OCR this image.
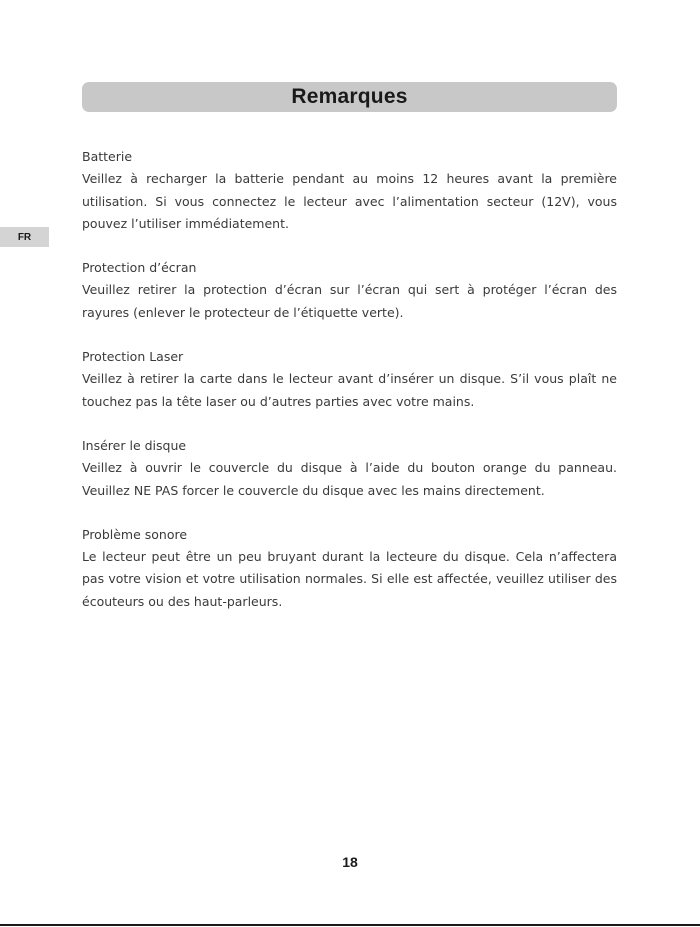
Remarques
FR

Batterie

Veillez à recharger la batterie pendant au moins 12 heures avant la première utilisation. Si vous connectez le lecteur avec l’alimentation secteur (12V), vous pouvez l’utiliser immédiatement.

Protection d’écran

Veuillez retirer la protection d’écran sur l’écran qui sert à protéger l’écran des rayures (enlever le protecteur de l’étiquette verte).

Protection Laser

Veillez à retirer la carte dans le lecteur avant d’insérer un disque. S’il vous plaît ne touchez pas la tête laser ou d’autres parties avec votre mains.

Insérer le disque

Veillez à ouvrir le couvercle du disque à l’aide du bouton orange du panneau. Veuillez NE PAS forcer le couvercle du disque avec les mains directement.

Problème sonore

Le lecteur peut être un peu bruyant durant la lecteure du disque. Cela n’affectera pas votre vision et votre utilisation normales. Si elle est affectée, veuillez utiliser des écouteurs ou des haut-parleurs.

18
